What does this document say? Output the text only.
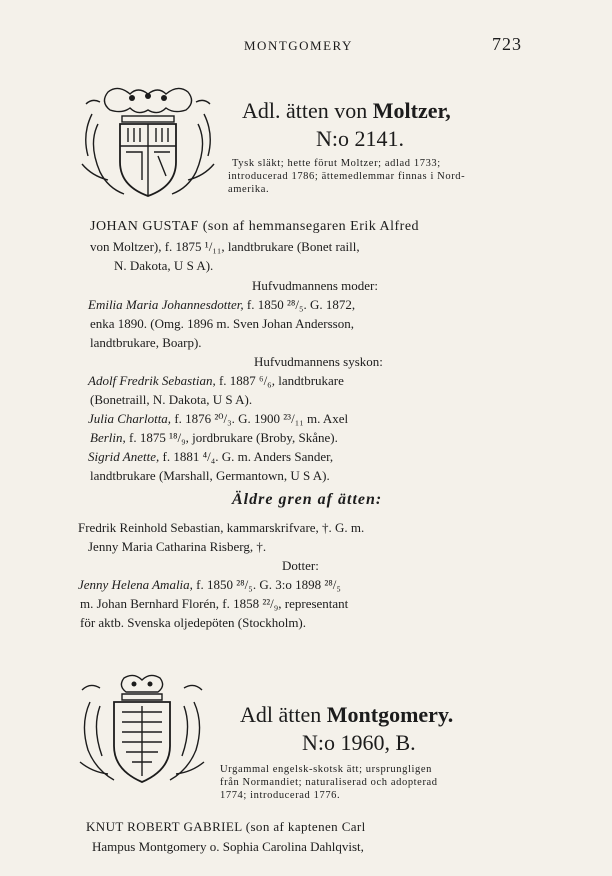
MONTGOMERY	723

Adl. ätten von Moltzer,

N:o 2141.

Tysk släkt; hette förut Moltzer; adlad 1733;

introducerad 1786; ättemedlemmar finnas i Nord-

amerika.

JOHAN GUSTAF (son af hemmansegaren Erik Alfred

von Moltzer), f. 1875 ¹/₁₁, landtbrukare (Bonet raill,

N. Dakota, U S A).

Hufvudmannens moder:

Emilia Maria Johannesdotter, f. 1850 ²⁸/₅. G. 1872,

enka 1890. (Omg. 1896 m. Sven Johan Andersson,

landtbrukare, Boarp).

Hufvudmannens syskon:

Adolf Fredrik Sebastian, f. 1887 ⁶/₆, landtbrukare

(Bonetraill, N. Dakota, U S A).

Julia Charlotta, f. 1876 ²⁰/₃. G. 1900 ²³/₁₁ m. Axel

Berlin, f. 1875 ¹⁸/₉, jordbrukare (Broby, Skåne).

Sigrid Anette, f. 1881 ⁴/₄. G. m. Anders Sander,

landtbrukare (Marshall, Germantown, U S A).

Äldre gren af ätten:

Fredrik Reinhold Sebastian, kammarskrifvare, †. G. m.

Jenny Maria Catharina Risberg, †.

Dotter:

Jenny Helena Amalia, f. 1850 ²⁸/₅. G. 3:o 1898 ²⁸/₅

m. Johan Bernhard Florén, f. 1858 ²²/₉, representant

för aktb. Svenska oljedepöten (Stockholm).

Adl ätten Montgomery.

N:o 1960, B.

Urgammal engelsk-skotsk ätt; ursprungligen

från Normandiet; naturaliserad och adopterad

1774; introducerad 1776.

KNUT ROBERT GABRIEL (son af kaptenen Carl

Hampus Montgomery o. Sophia Carolina Dahlqvist,
